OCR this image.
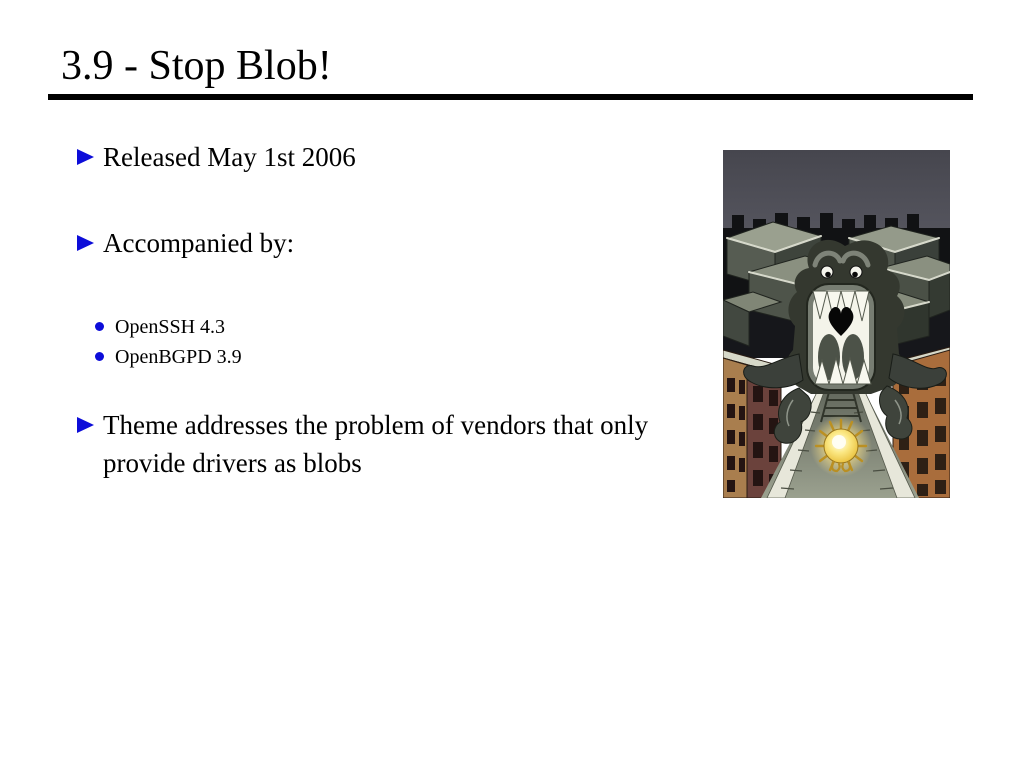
3.9 - Stop Blob!
Released May 1st 2006
Accompanied by:
OpenSSH 4.3
OpenBGPD 3.9
Theme addresses the problem of vendors that only provide drivers as blobs
